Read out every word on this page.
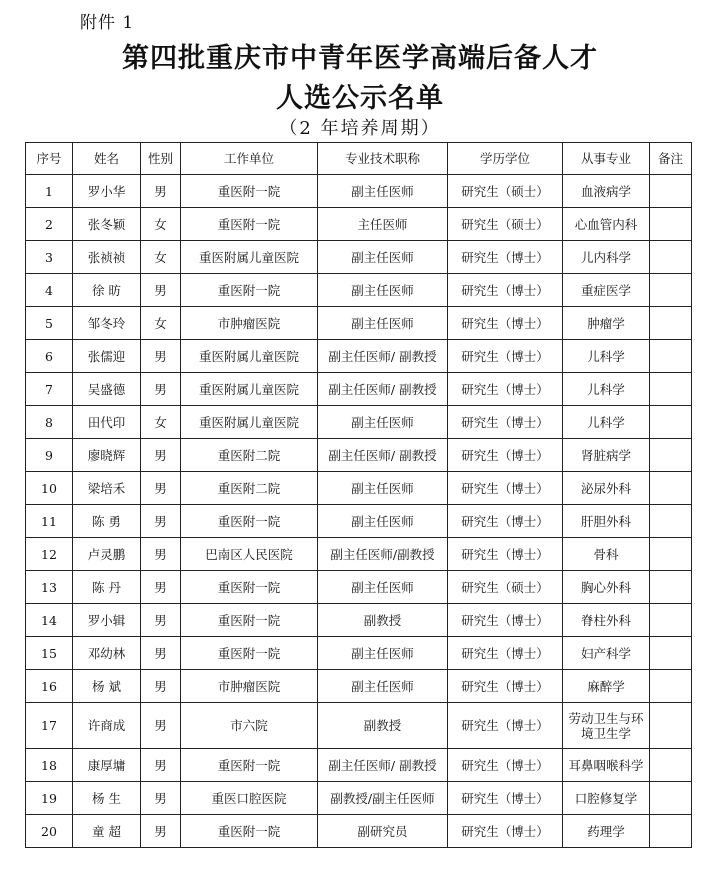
附件 1
第四批重庆市中青年医学高端后备人才
人选公示名单
（2 年培养周期）
序号	姓名	性别	工作单位	专业技术职称	学历学位	从事专业	备注
1	罗小华	男	重医附一院	副主任医师	研究生（硕士）	血液病学	
2	张冬颖	女	重医附一院	主任医师	研究生（硕士）	心血管内科	
3	张祯祯	女	重医附属儿童医院	副主任医师	研究生（博士）	儿内科学	
4	徐 昉	男	重医附一院	副主任医师	研究生（博士）	重症医学	
5	邹冬玲	女	市肿瘤医院	副主任医师	研究生（博士）	肿瘤学	
6	张儒迎	男	重医附属儿童医院	副主任医师/ 副教授	研究生（博士）	儿科学	
7	吴盛德	男	重医附属儿童医院	副主任医师/ 副教授	研究生（博士）	儿科学	
8	田代印	女	重医附属儿童医院	副主任医师	研究生（博士）	儿科学	
9	廖晓辉	男	重医附二院	副主任医师/ 副教授	研究生（博士）	肾脏病学	
10	梁培禾	男	重医附二院	副主任医师	研究生（博士）	泌尿外科	
11	陈 勇	男	重医附一院	副主任医师	研究生（博士）	肝胆外科	
12	卢灵鹏	男	巴南区人民医院	副主任医师/副教授	研究生（博士）	骨科	
13	陈 丹	男	重医附一院	副主任医师	研究生（硕士）	胸心外科	
14	罗小辑	男	重医附一院	副教授	研究生（博士）	脊柱外科	
15	邓幼林	男	重医附一院	副主任医师	研究生（博士）	妇产科学	
16	杨 斌	男	市肿瘤医院	副主任医师	研究生（博士）	麻醉学	
17	许商成	男	市六院	副教授	研究生（博士）	劳动卫生与环境卫生学	
18	康厚墉	男	重医附一院	副主任医师/ 副教授	研究生（博士）	耳鼻咽喉科学	
19	杨 生	男	重医口腔医院	副教授/副主任医师	研究生（博士）	口腔修复学	
20	童 超	男	重医附一院	副研究员	研究生（博士）	药理学	
